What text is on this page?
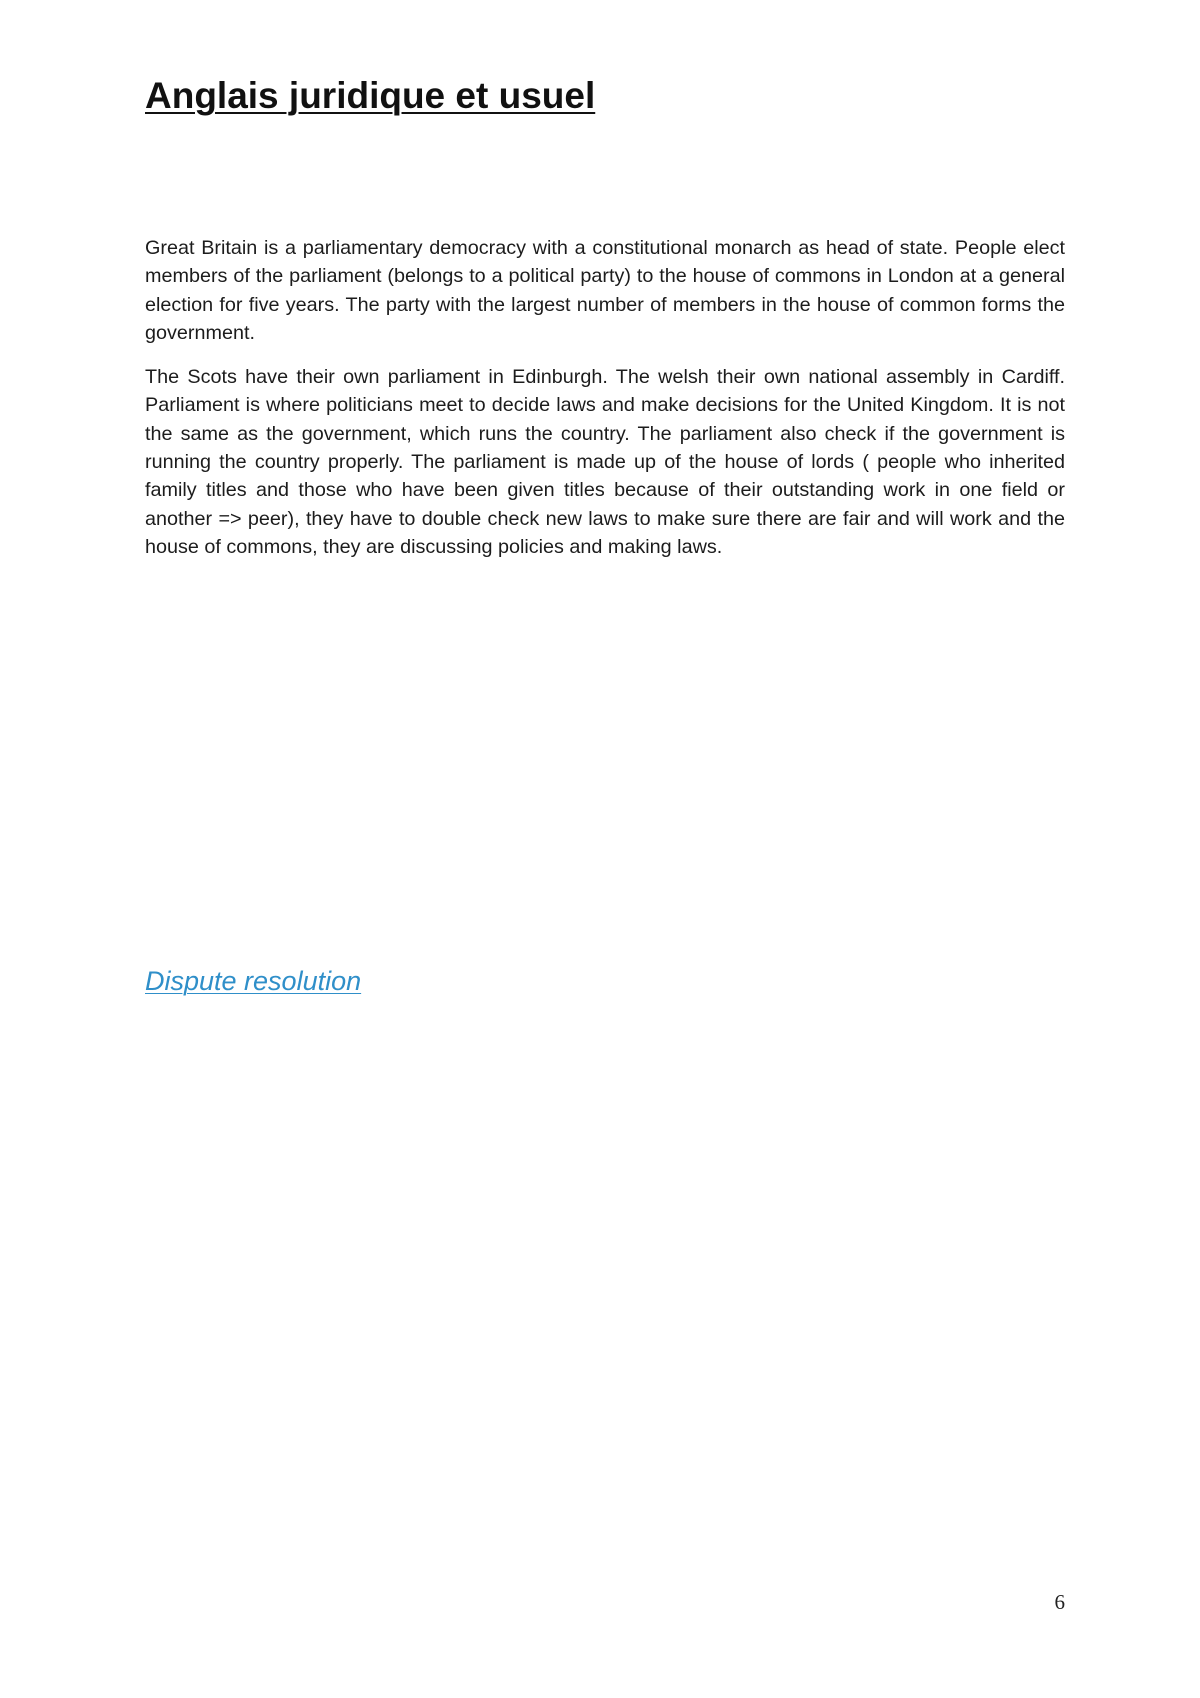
Anglais juridique et usuel

Great Britain is a parliamentary democracy with a constitutional monarch as head of state. People elect members of the parliament (belongs to a political party) to the house of commons in London at a general election for five years. The party with the largest number of members in the house of common forms the government.

The Scots have their own parliament in Edinburgh. The welsh their own national assembly in Cardiff. Parliament is where politicians meet to decide laws and make decisions for the United Kingdom. It is not the same as the government, which runs the country. The parliament also check if the government is running the country properly. The parliament is made up of the house of lords ( people who inherited family titles and those who have been given titles because of their outstanding work in one field or another => peer), they have to double check new laws to make sure there are fair and will work and the house of commons, they are discussing policies and making laws.

Dispute resolution
6
